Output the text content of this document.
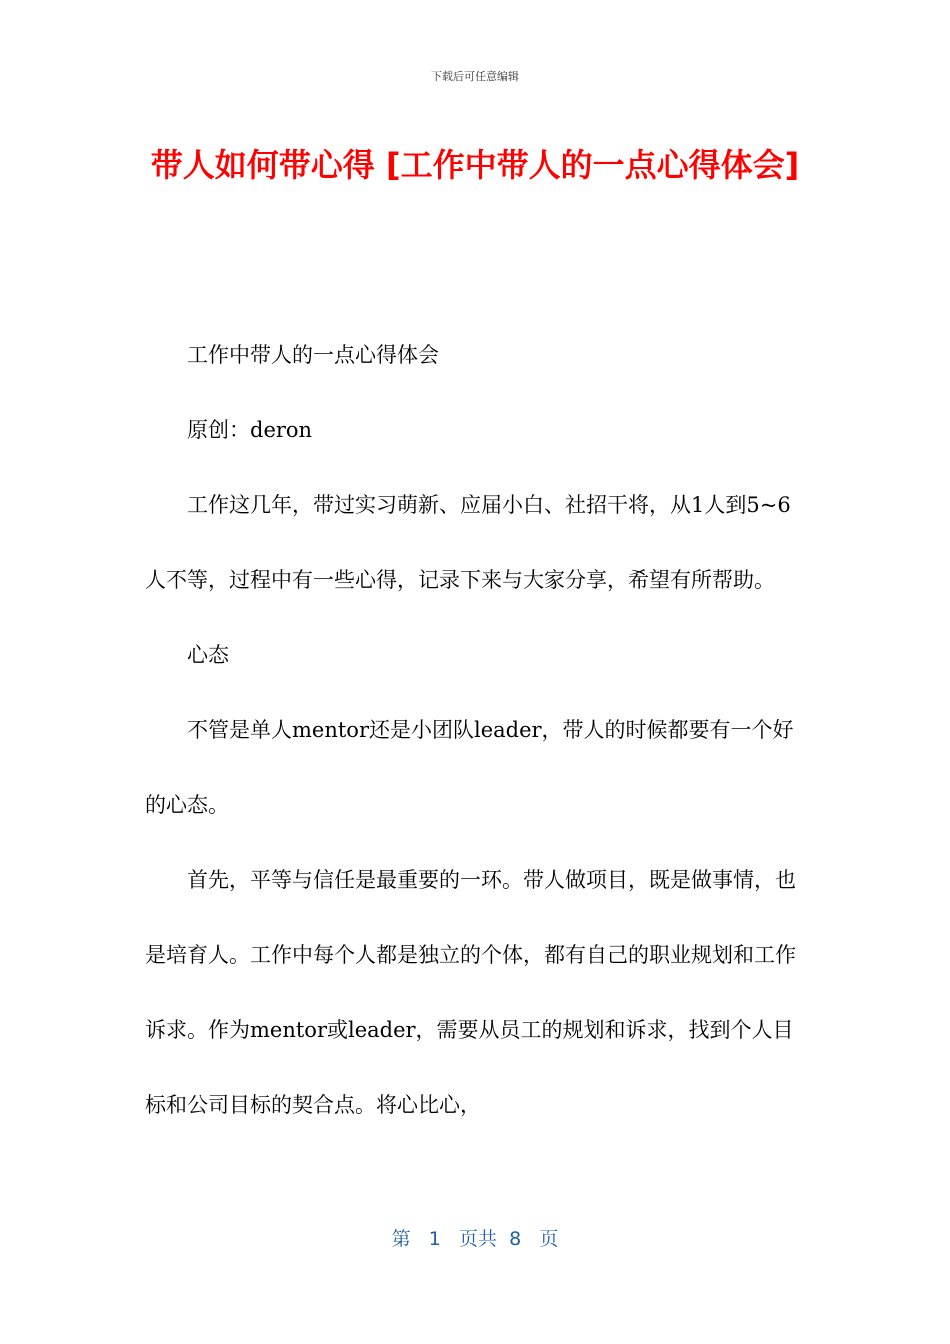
下载后可任意编辑
带人如何带心得 [工作中带人的一点心得体会]

工作中带人的一点心得体会

原创：deron

工作这几年，带过实习萌新、应届小白、社招干将，从1人到5~6人不等，过程中有一些心得，记录下来与大家分享，希望有所帮助。

心态

不管是单人mentor还是小团队leader，带人的时候都要有一个好的心态。

首先，平等与信任是最重要的一环。带人做项目，既是做事情，也是培育人。工作中每个人都是独立的个体，都有自己的职业规划和工作诉求。作为mentor或leader，需要从员工的规划和诉求，找到个人目标和公司目标的契合点。将心比心，

第 1 页共 8 页
